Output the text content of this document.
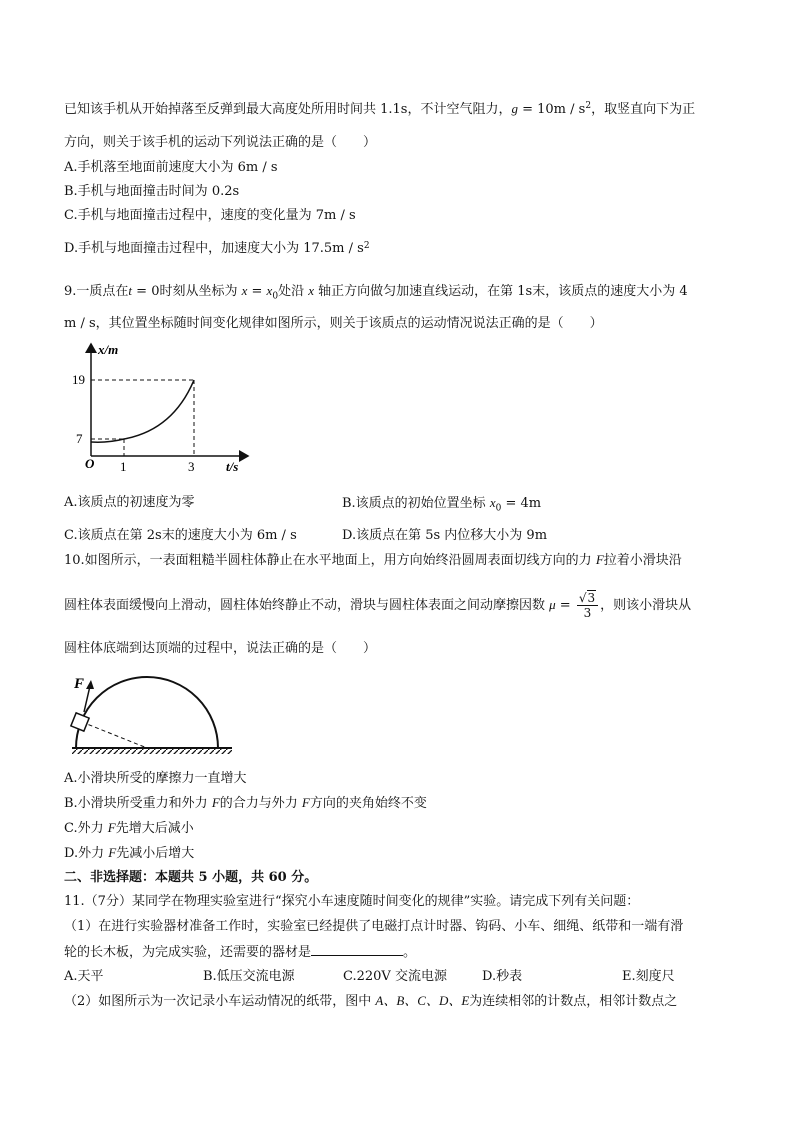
已知该手机从开始掉落至反弹到最大高度处所用时间共 1.1s，不计空气阻力，$g = 10m / s^2$，取竖直向下为正
方向，则关于该手机的运动下列说法正确的是（　　）
A.手机落至地面前速度大小为 6m / s
B.手机与地面撞击时间为 0.2s
C.手机与地面撞击过程中，速度的变化量为 7m / s
D.手机与地面撞击过程中，加速度大小为 $17.5m / s^2$
9.一质点在t = 0时刻从坐标为 $x = x_0$处沿 x 轴正方向做匀加速直线运动，在第 1s末，该质点的速度大小为 4
m / s，其位置坐标随时间变化规律如图所示，则关于该质点的运动情况说法正确的是（　　）
x/m
t/s
O
19
7
1	3
A.该质点的初速度为零	B.该质点的初始位置坐标 $x_0 = 4m$
C.该质点在第 2s末的速度大小为 6m / s	D.该质点在第 5s 内位移大小为 9m
10.如图所示，一表面粗糙半圆柱体静止在水平地面上，用方向始终沿圆周表面切线方向的力 F拉着小滑块沿
圆柱体表面缓慢向上滑动，圆柱体始终静止不动，滑块与圆柱体表面之间动摩擦因数 $\mu = \frac{√3}{3}$ ，则该小滑块从
圆柱体底端到达顶端的过程中，说法正确的是（　　）
F
A.小滑块所受的摩擦力一直增大
B.小滑块所受重力和外力 F的合力与外力 F方向的夹角始终不变
C.外力 F先增大后减小
D.外力 F先减小后增大
二、非选择题：本题共 5 小题，共 60 分。
11.（7分）某同学在物理实验室进行“探究小车速度随时间变化的规律”实验。请完成下列有关问题：
（1）在进行实验器材准备工作时，实验室已经提供了电磁打点计时器、钩码、小车、细绳、纸带和一端有滑
轮的长木板，为完成实验，还需要的器材是	。
A.天平	B.低压交流电源	C.220V 交流电源	D.秒表	E.刻度尺
（2）如图所示为一次记录小车运动情况的纸带，图中 A、B、C、D、E为连续相邻的计数点，相邻计数点之
